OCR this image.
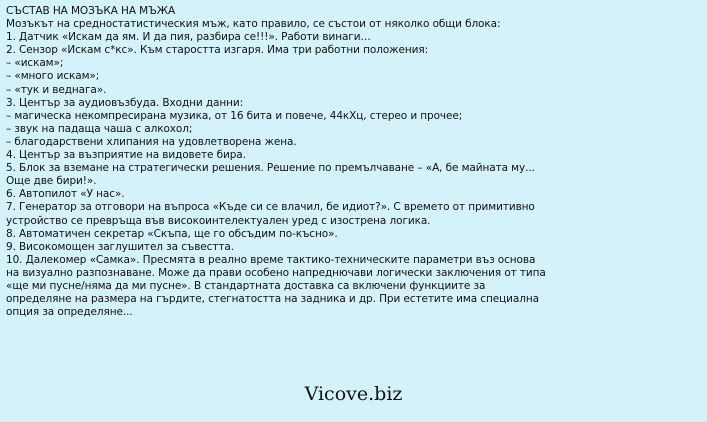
СЪСТАВ НА МОЗЪКА НА МЪЖА
Мозъкът на средностатистическия мъж, като правило, се състои от няколко общи блока:
1. Датчик «Искам да ям. И да пия, разбира се!!!». Работи винаги…
2. Сензор «Искам с*кс». Към старостта изгаря. Има три работни положения:
– «искам»;
– «много искам»;
– «тук и веднага».
3. Център за аудиовъзбуда. Входни данни:
– магическа некомпресирана музика, от 16 бита и повече, 44кХц, стерео и прочее;
– звук на падаща чаша с алкохол;
– благодарствени хлипания на удовлетворена жена.
4. Център за възприятие на видовете бира.
5. Блок за вземане на стратегически решения. Решение по премълчаване – «А, бе майната му...
Още две бири!».
6. Автопилот «У нас».
7. Генератор за отговори на въпроса «Къде си се влачил, бе идиот?». С времето от примитивно
устройство се превръща във високоинтелектуален уред с изострена логика.
8. Автоматичен секретар «Скъпа, ще го обсъдим по-късно».
9. Високомощен заглушител за съвестта.
10. Далекомер «Самка». Пресмята в реално време тактико-техническите параметри въз основа
на визуално разпознаване. Може да прави особено напреднючави логически заключения от типа
«ще ми пусне/няма да ми пусне». В стандартната доставка са включени функциите за
определяне на размера на гърдите, стегнатостта на задника и др. При естетите има специална
опция за определяне...
Vicove.biz
